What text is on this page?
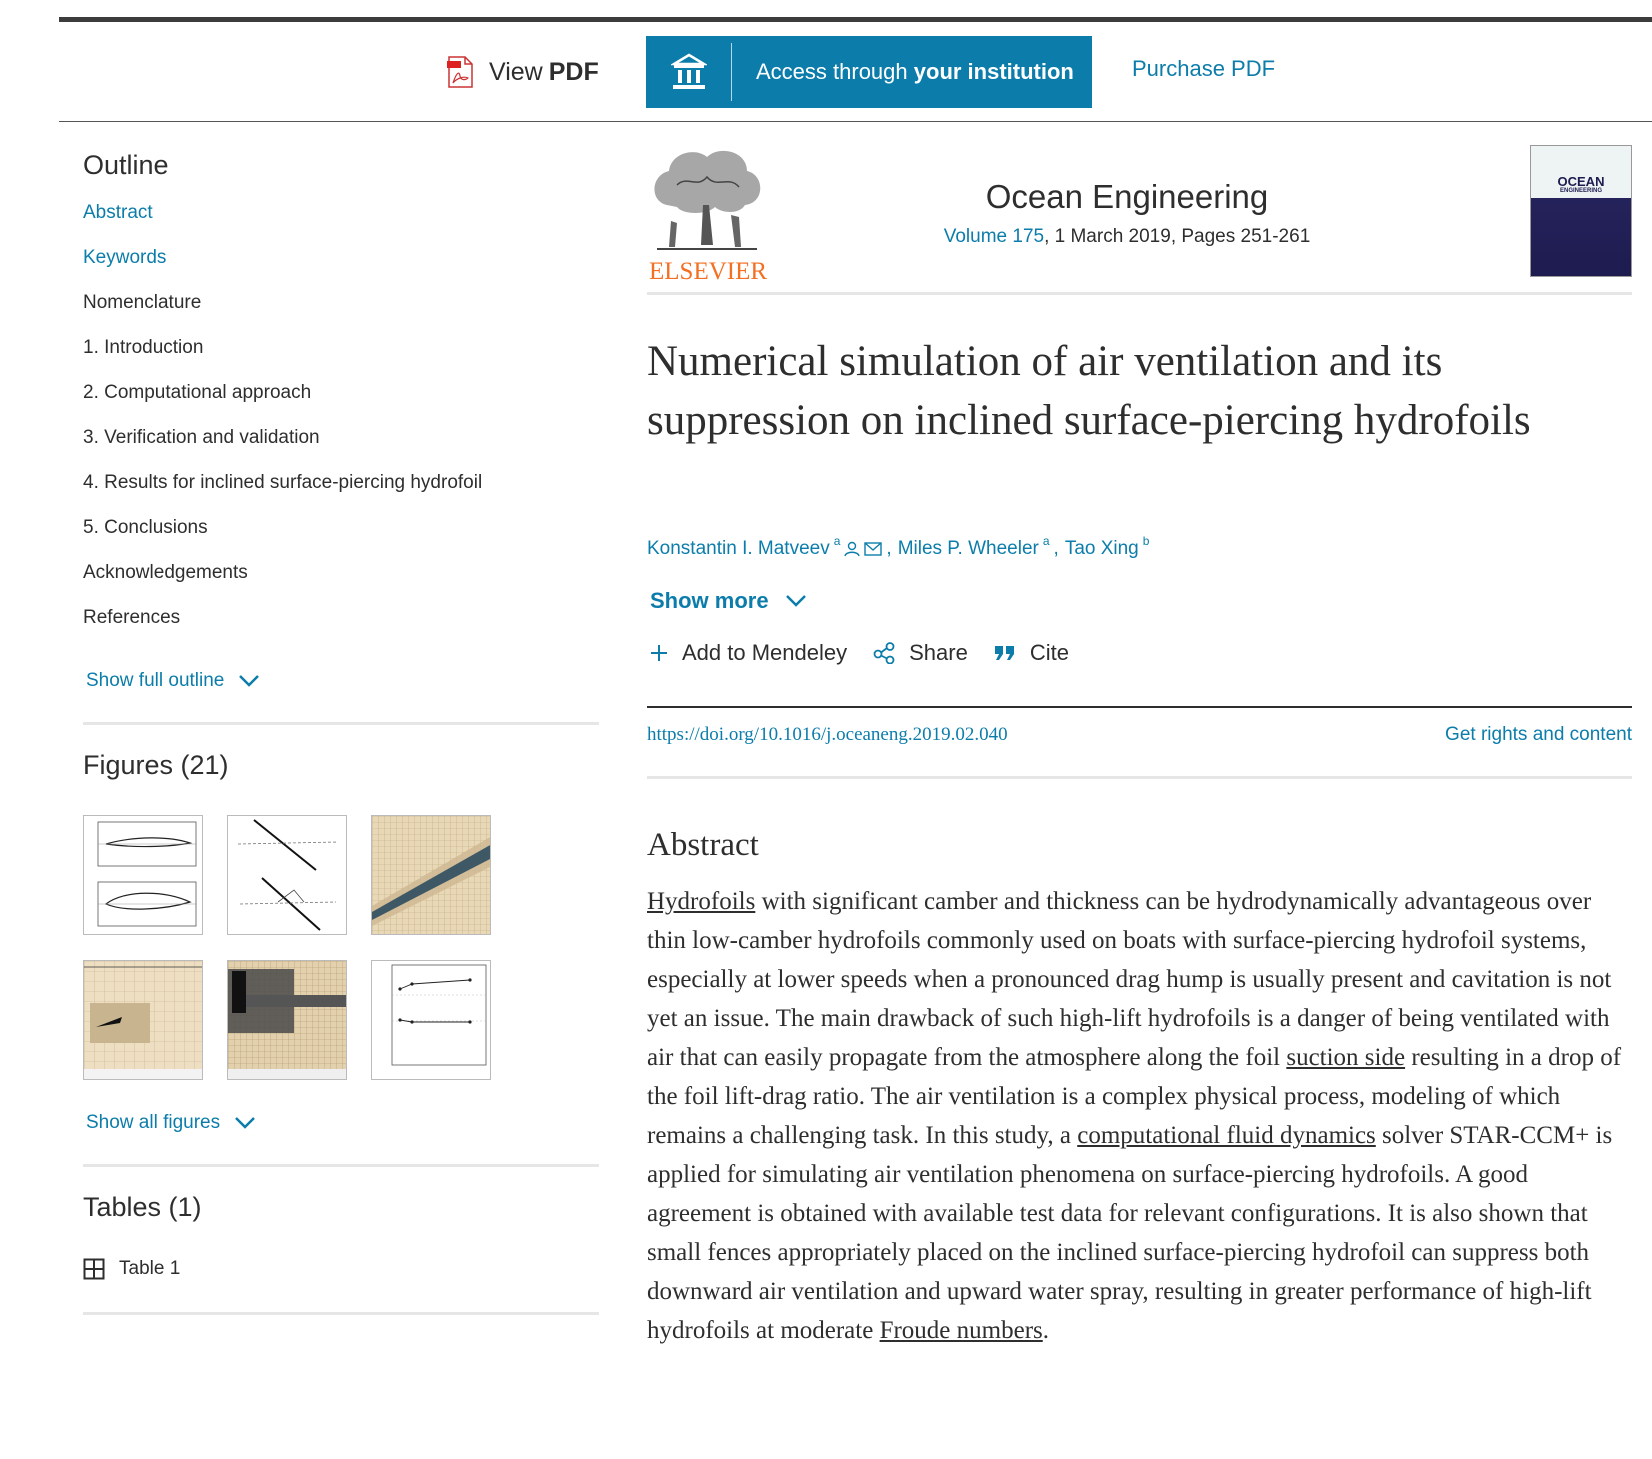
View PDF	Access through your institution	Purchase PDF
Outline
Abstract
Keywords
Nomenclature
1. Introduction
2. Computational approach
3. Verification and validation
4. Results for inclined surface-piercing hydrofoil
5. Conclusions
Acknowledgements
References
Show full outline
Figures (21)
Show all figures
Tables (1)
Table 1
ELSEVIER
Ocean Engineering
Volume 175, 1 March 2019, Pages 251-261
OCEAN
ENGINEERING
Numerical simulation of air ventilation and its suppression on inclined surface-piercing hydrofoils
Konstantin I. Matveev $^a$ , Miles P. Wheeler $^a$ , Tao Xing $^b$
Show more
Add to Mendeley	Share	Cite
https://doi.org/10.1016/j.oceaneng.2019.02.040	Get rights and content
Abstract

Hydrofoils with significant camber and thickness can be hydrodynamically advantageous over thin low-camber hydrofoils commonly used on boats with surface-piercing hydrofoil systems, especially at lower speeds when a pronounced drag hump is usually present and cavitation is not yet an issue. The main drawback of such high-lift hydrofoils is a danger of being ventilated with air that can easily propagate from the atmosphere along the foil suction side resulting in a drop of the foil lift-drag ratio. The air ventilation is a complex physical process, modeling of which remains a challenging task. In this study, a computational fluid dynamics solver STAR-CCM+ is applied for simulating air ventilation phenomena on surface-piercing hydrofoils. A good agreement is obtained with available test data for relevant configurations. It is also shown that small fences appropriately placed on the inclined surface-piercing hydrofoil can suppress both downward air ventilation and upward water spray, resulting in greater performance of high-lift hydrofoils at moderate Froude numbers.
